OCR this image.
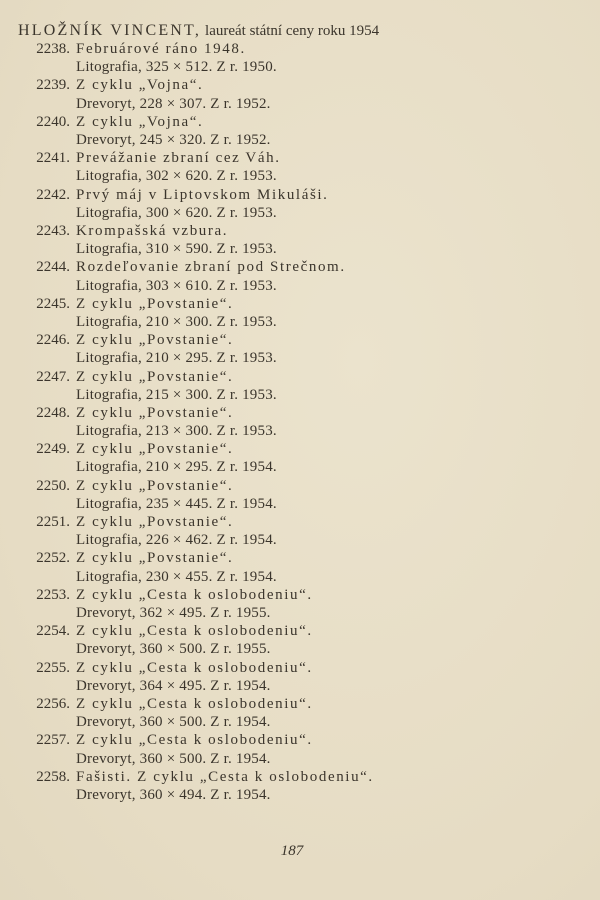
HLOŽNÍK VINCENT, laureát státní ceny roku 1954
2238. Februárové ráno 1948.
Litografia, 325 × 512. Z r. 1950.
2239. Z cyklu „Vojna“.
Drevoryt, 228 × 307. Z r. 1952.
2240. Z cyklu „Vojna“.
Drevoryt, 245 × 320. Z r. 1952.
2241. Prevážanie zbraní cez Váh.
Litografia, 302 × 620. Z r. 1953.
2242. Prvý máj v Liptovskom Mikuláši.
Litografia, 300 × 620. Z r. 1953.
2243. Krompašská vzbura.
Litografia, 310 × 590. Z r. 1953.
2244. Rozdeľovanie zbraní pod Strečnom.
Litografia, 303 × 610. Z r. 1953.
2245. Z cyklu „Povstanie“.
Litografia, 210 × 300. Z r. 1953.
2246. Z cyklu „Povstanie“.
Litografia, 210 × 295. Z r. 1953.
2247. Z cyklu „Povstanie“.
Litografia, 215 × 300. Z r. 1953.
2248. Z cyklu „Povstanie“.
Litografia, 213 × 300. Z r. 1953.
2249. Z cyklu „Povstanie“.
Litografia, 210 × 295. Z r. 1954.
2250. Z cyklu „Povstanie“.
Litografia, 235 × 445. Z r. 1954.
2251. Z cyklu „Povstanie“.
Litografia, 226 × 462. Z r. 1954.
2252. Z cyklu „Povstanie“.
Litografia, 230 × 455. Z r. 1954.
2253. Z cyklu „Cesta k oslobodeniu“.
Drevoryt, 362 × 495. Z r. 1955.
2254. Z cyklu „Cesta k oslobodeniu“.
Drevoryt, 360 × 500. Z r. 1955.
2255. Z cyklu „Cesta k oslobodeniu“.
Drevoryt, 364 × 495. Z r. 1954.
2256. Z cyklu „Cesta k oslobodeniu“.
Drevoryt, 360 × 500. Z r. 1954.
2257. Z cyklu „Cesta k oslobodeniu“.
Drevoryt, 360 × 500. Z r. 1954.
2258. Fašisti. Z cyklu „Cesta k oslobodeniu“.
Drevoryt, 360 × 494. Z r. 1954.
187
